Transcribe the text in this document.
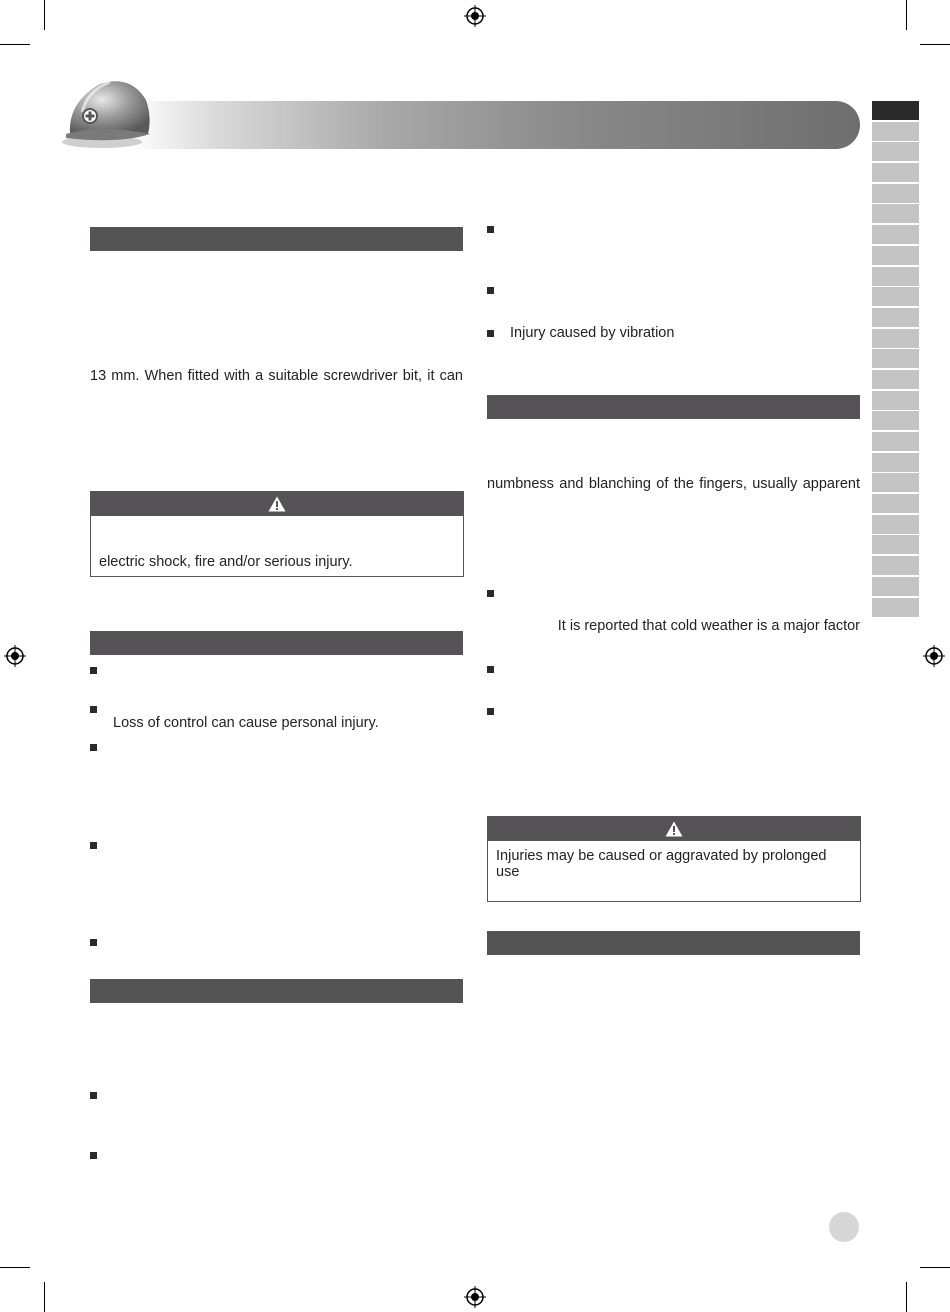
13 mm. When fitted with a suitable screwdriver bit, it can
electric shock, fire and/or serious injury.
Loss of control can cause personal injury.
Injury caused by vibration
numbness and blanching of the fingers, usually apparent
It is reported that cold weather is a major factor
Injuries may be caused or aggravated by prolonged use
